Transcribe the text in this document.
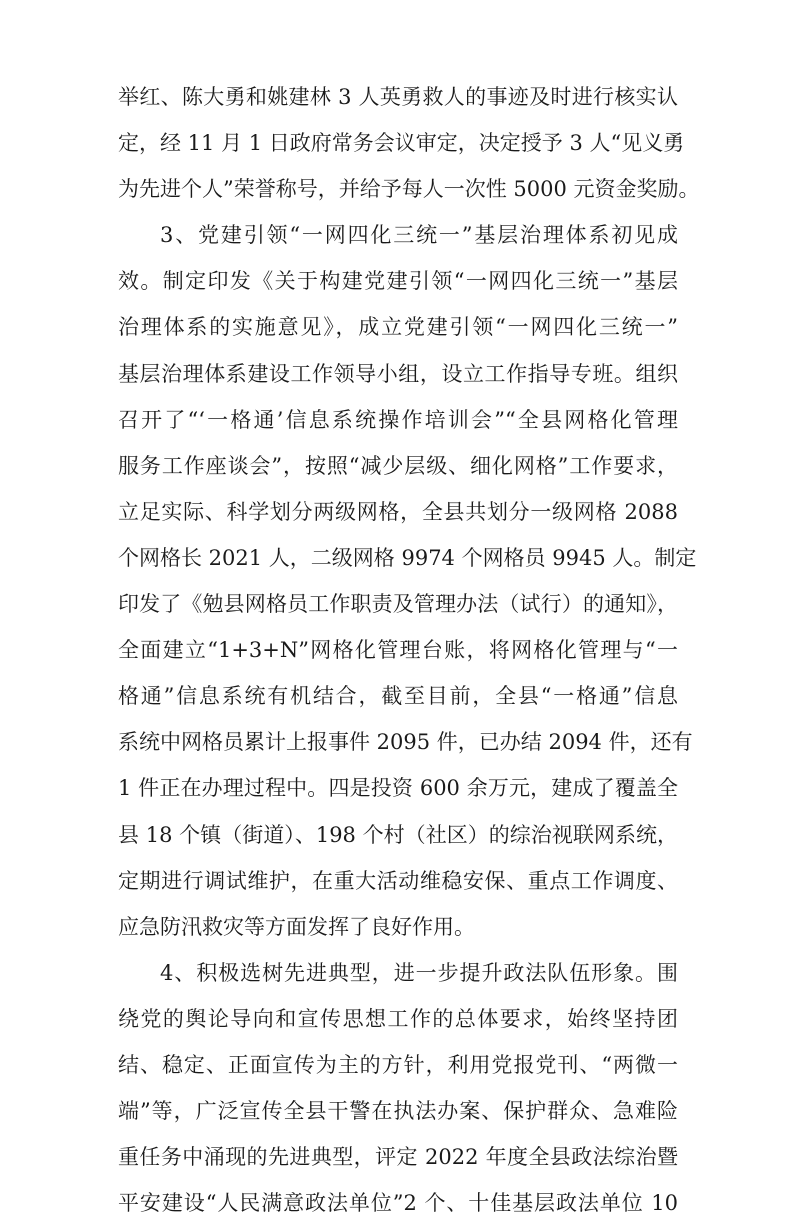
举红、陈大勇和姚建林 3 人英勇救人的事迹及时进行核实认
定，经 11 月 1 日政府常务会议审定，决定授予 3 人“见义勇
为先进个人”荣誉称号，并给予每人一次性 5000 元资金奖励。
3、党建引领“一网四化三统一”基层治理体系初见成
效。制定印发《关于构建党建引领“一网四化三统一”基层
治理体系的实施意见》，成立党建引领“一网四化三统一”
基层治理体系建设工作领导小组，设立工作指导专班。组织
召开了“‘一格通’信息系统操作培训会”“全县网格化管理
服务工作座谈会”，按照“减少层级、细化网格”工作要求，
立足实际、科学划分两级网格，全县共划分一级网格 2088
个网格长 2021 人，二级网格 9974 个网格员 9945 人。制定
印发了《勉县网格员工作职责及管理办法（试行）的通知》，
全面建立“1+3+N”网格化管理台账，将网格化管理与“一
格通”信息系统有机结合，截至目前，全县“一格通”信息
系统中网格员累计上报事件 2095 件，已办结 2094 件，还有
1 件正在办理过程中。四是投资 600 余万元，建成了覆盖全
县 18 个镇（街道）、198 个村（社区）的综治视联网系统，
定期进行调试维护，在重大活动维稳安保、重点工作调度、
应急防汛救灾等方面发挥了良好作用。
4、积极选树先进典型，进一步提升政法队伍形象。围
绕党的舆论导向和宣传思想工作的总体要求，始终坚持团
结、稳定、正面宣传为主的方针，利用党报党刊、“两微一
端”等，广泛宣传全县干警在执法办案、保护群众、急难险
重任务中涌现的先进典型，评定 2022 年度全县政法综治暨
平安建设“人民满意政法单位”2 个、十佳基层政法单位 10
